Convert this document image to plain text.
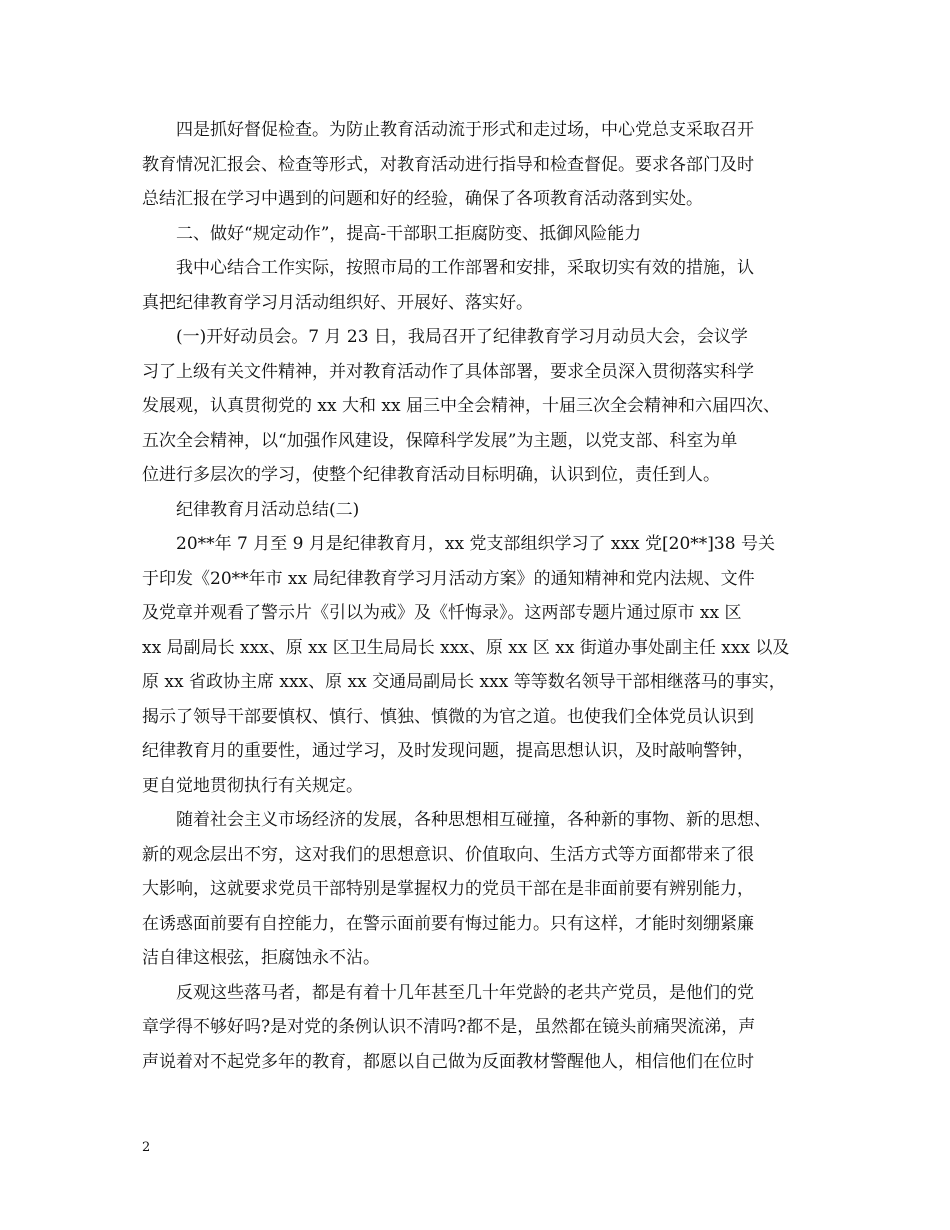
四是抓好督促检查。为防止教育活动流于形式和走过场，中心党总支采取召开
教育情况汇报会、检查等形式，对教育活动进行指导和检查督促。要求各部门及时
总结汇报在学习中遇到的问题和好的经验，确保了各项教育活动落到实处。
二、做好“规定动作”，提高-干部职工拒腐防变、抵御风险能力
我中心结合工作实际，按照市局的工作部署和安排，采取切实有效的措施，认
真把纪律教育学习月活动组织好、开展好、落实好。
(一)开好动员会。7 月 23 日，我局召开了纪律教育学习月动员大会，会议学
习了上级有关文件精神，并对教育活动作了具体部署，要求全员深入贯彻落实科学
发展观，认真贯彻党的 xx 大和 xx 届三中全会精神，十届三次全会精神和六届四次、
五次全会精神，以“加强作风建设，保障科学发展”为主题，以党支部、科室为单
位进行多层次的学习，使整个纪律教育活动目标明确，认识到位，责任到人。
纪律教育月活动总结(二)
20**年 7 月至 9 月是纪律教育月，xx 党支部组织学习了 xxx 党[20**]38 号关
于印发《20**年市 xx 局纪律教育学习月活动方案》的通知精神和党内法规、文件
及党章并观看了警示片《引以为戒》及《忏悔录》。这两部专题片通过原市 xx 区
xx 局副局长 xxx、原 xx 区卫生局局长 xxx、原 xx 区 xx 街道办事处副主任 xxx 以及
原 xx 省政协主席 xxx、原 xx 交通局副局长 xxx 等等数名领导干部相继落马的事实，
揭示了领导干部要慎权、慎行、慎独、慎微的为官之道。也使我们全体党员认识到
纪律教育月的重要性，通过学习，及时发现问题，提高思想认识，及时敲响警钟，
更自觉地贯彻执行有关规定。
随着社会主义市场经济的发展，各种思想相互碰撞，各种新的事物、新的思想、
新的观念层出不穷，这对我们的思想意识、价值取向、生活方式等方面都带来了很
大影响，这就要求党员干部特别是掌握权力的党员干部在是非面前要有辨别能力，
在诱惑面前要有自控能力，在警示面前要有悔过能力。只有这样，才能时刻绷紧廉
洁自律这根弦，拒腐蚀永不沾。
反观这些落马者，都是有着十几年甚至几十年党龄的老共产党员，是他们的党
章学得不够好吗?是对党的条例认识不清吗?都不是，虽然都在镜头前痛哭流涕，声
声说着对不起党多年的教育，都愿以自己做为反面教材警醒他人，相信他们在位时
2
